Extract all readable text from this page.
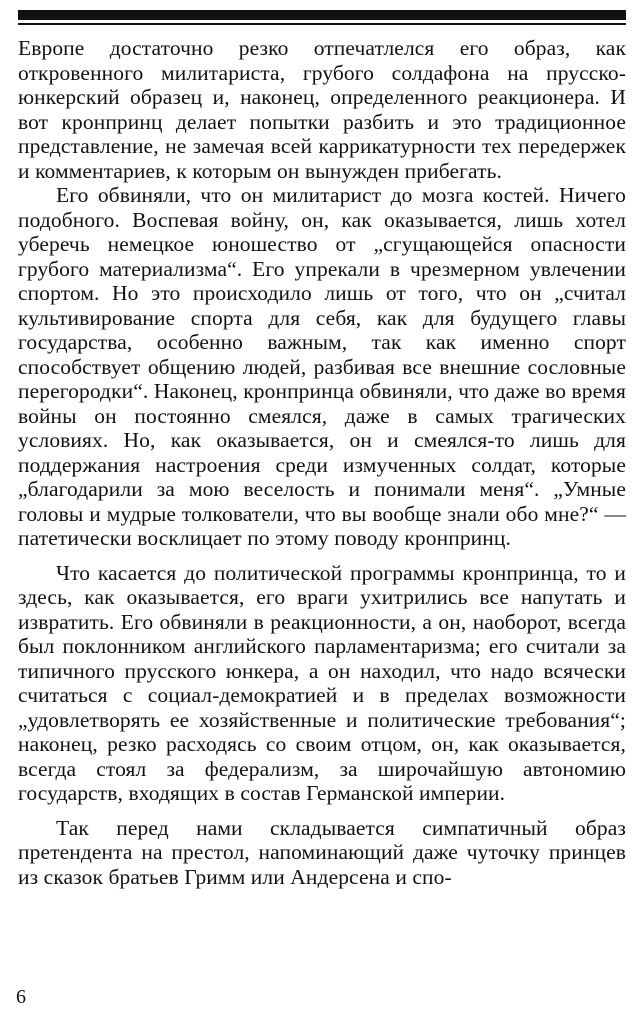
Европе достаточно резко отпечатлелся его образ, как откровенного милитариста, грубого солдафона на прусско-юнкерский образец и, наконец, определенного реакционера. И вот кронпринц делает попытки разбить и это традиционное представление, не замечая всей каррикатурности тех передержек и комментариев, к которым он вынужден прибегать.

Его обвиняли, что он милитарист до мозга костей. Ничего подобного. Воспевая войну, он, как оказывается, лишь хотел уберечь немецкое юношество от „сгущающейся опасности грубого материализма“. Его упрекали в чрезмерном увлечении спортом. Но это происходило лишь от того, что он „считал культивирование спорта для себя, как для будущего главы государства, особенно важным, так как именно спорт способствует общению людей, разбивая все внешние сословные перегородки“. Наконец, кронпринца обвиняли, что даже во время войны он постоянно смеялся, даже в самых трагических условиях. Но, как оказывается, он и смеялся-то лишь для поддержания настроения среди измученных солдат, которые „благодарили за мою веселость и понимали меня“. „Умные головы и мудрые толкователи, что вы вообще знали обо мне?“ — патетически восклицает по этому поводу кронпринц.

Что касается до политической программы кронпринца, то и здесь, как оказывается, его враги ухитрились все напутать и извратить. Его обвиняли в реакционности, а он, наоборот, всегда был поклонником английского парламентаризма; его считали за типичного прусского юнкера, а он находил, что надо всячески считаться с социал-демократией и в пределах возможности „удовлетворять ее хозяйственные и политические требования“; наконец, резко расходясь со своим отцом, он, как оказывается, всегда стоял за федерализм, за широчайшую автономию государств, входящих в состав Германской империи.

Так перед нами складывается симпатичный образ претендента на престол, напоминающий даже чуточку принцев из сказок братьев Гримм или Андерсена и спо-

6
